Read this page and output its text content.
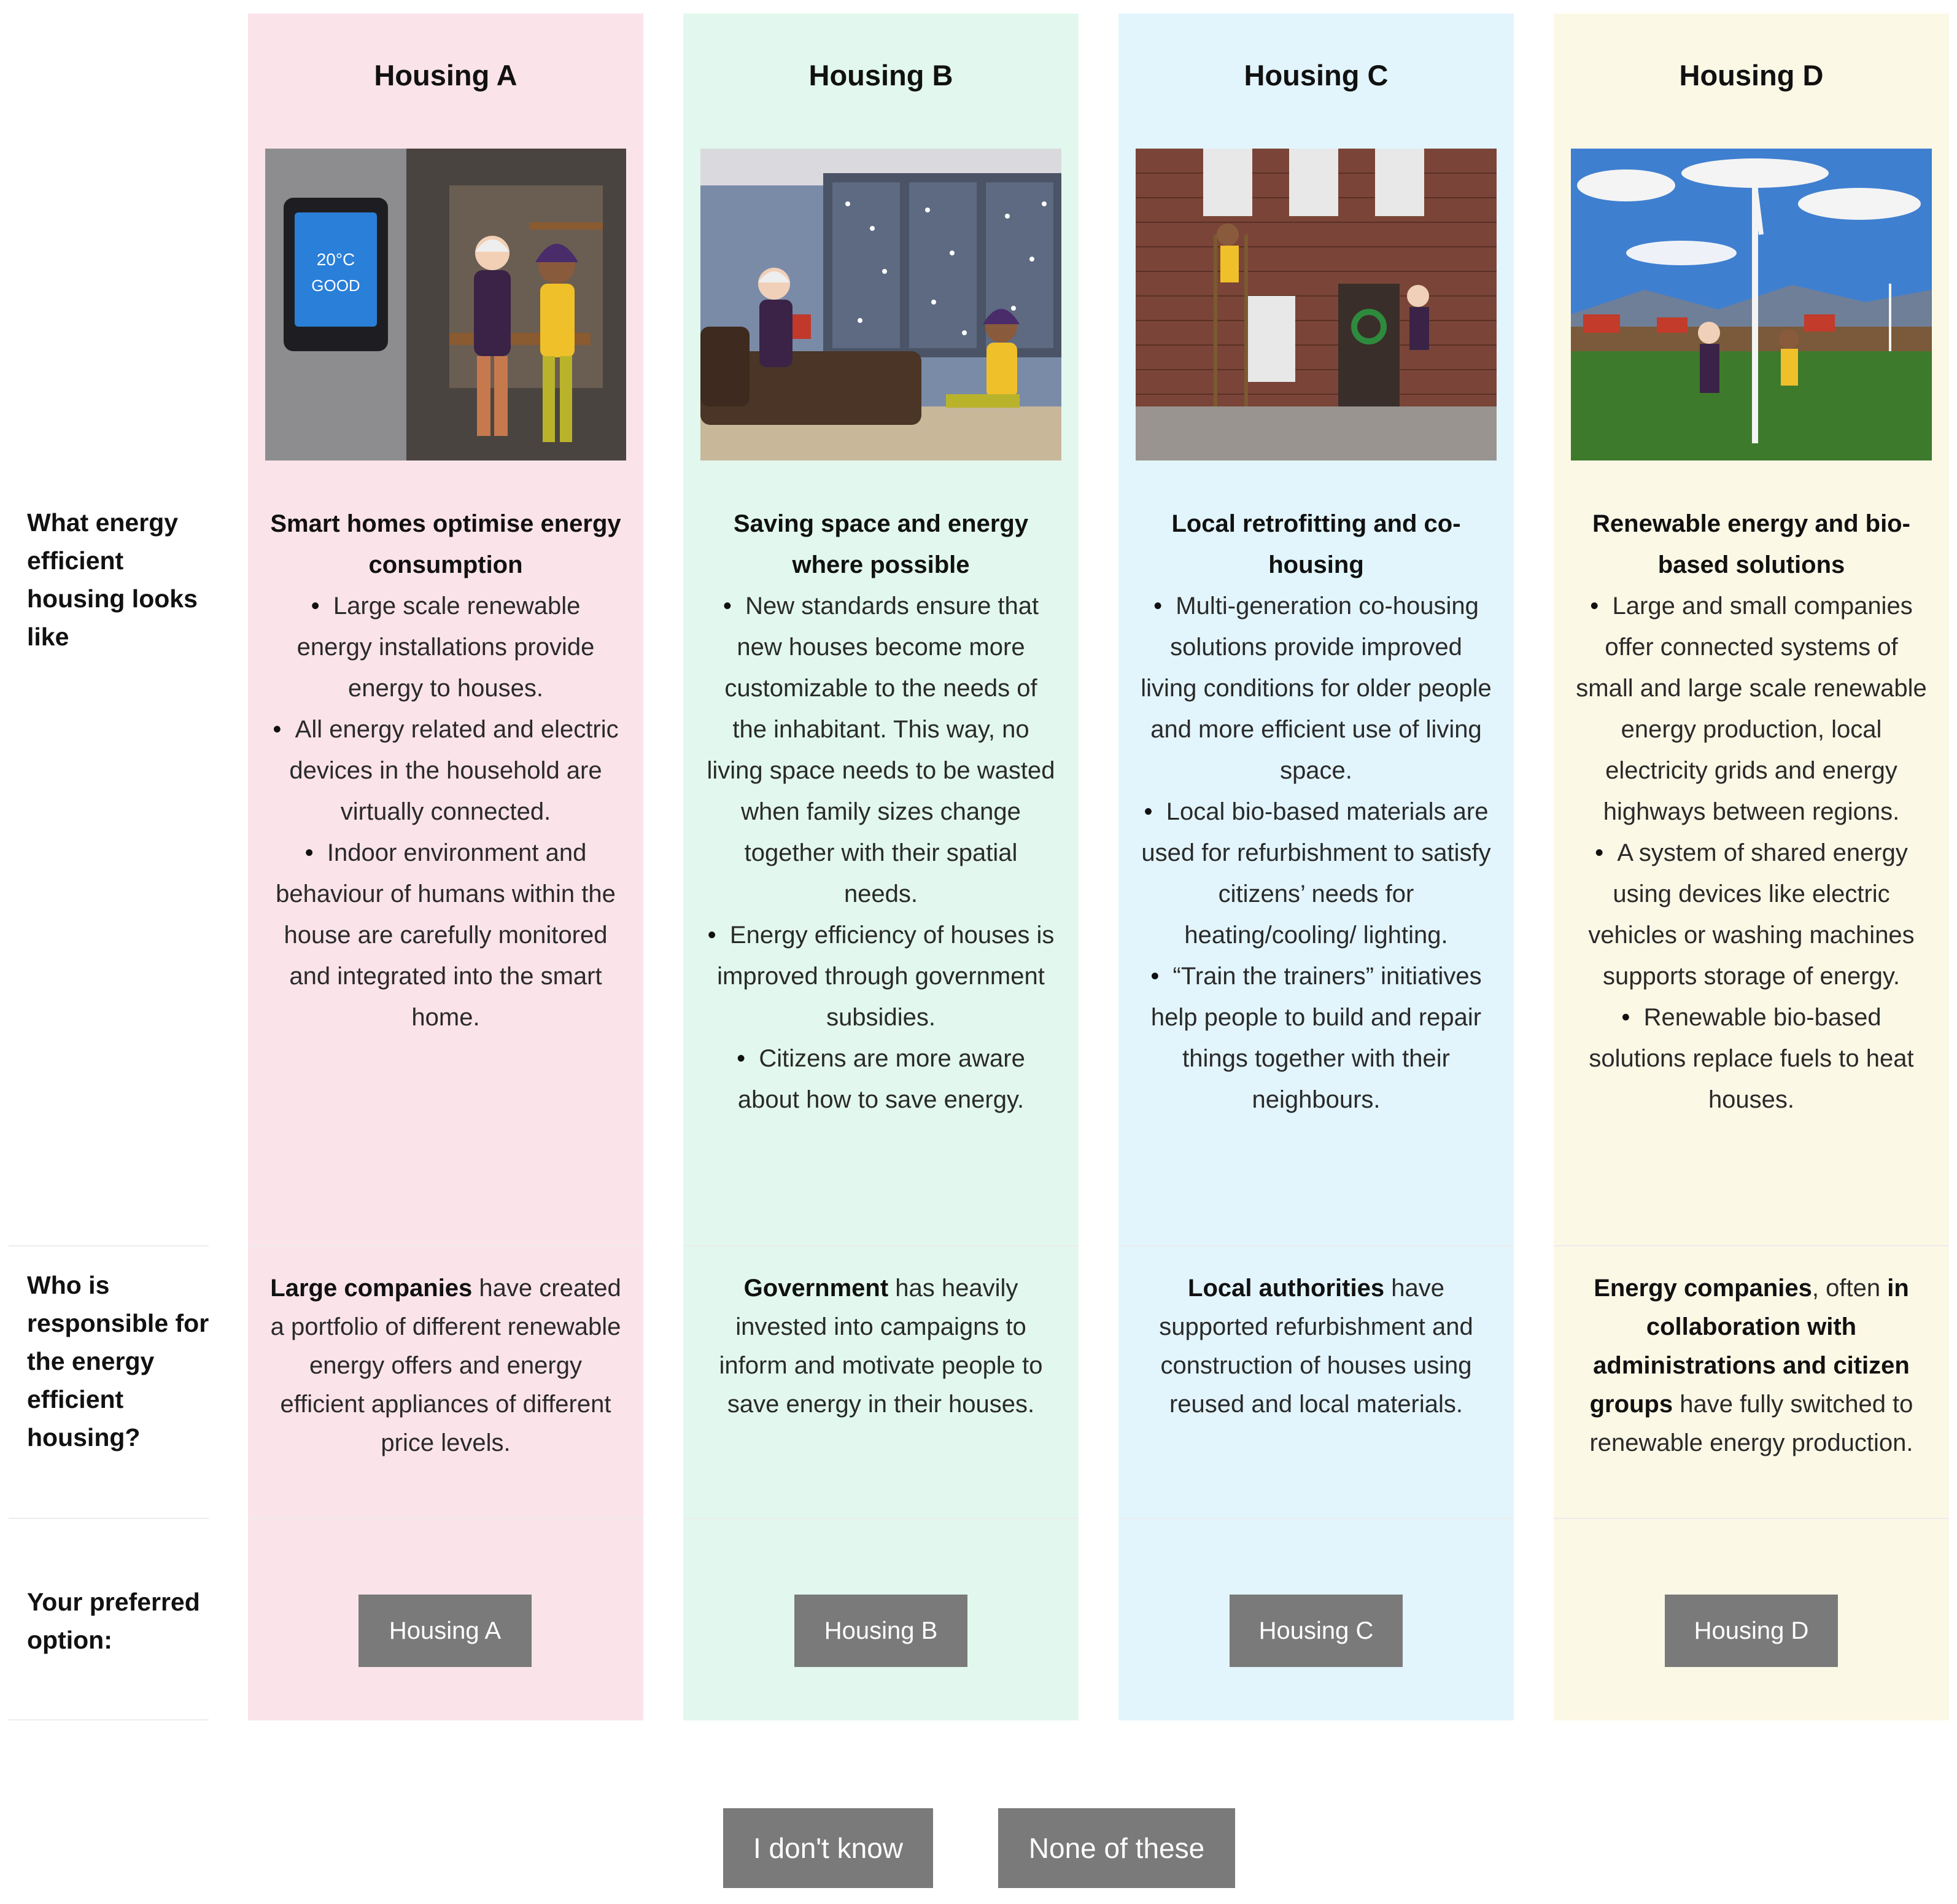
What energy efficient housing looks like
Who is responsible for the energy efficient housing?
Your preferred option:
Housing A
20°C
GOOD
Smart homes optimise energy consumption
•  Large scale renewable energy installations provide energy to houses.
•  All energy related and electric devices in the household are virtually connected.
•  Indoor environment and behaviour of humans within the house are carefully monitored and integrated into the smart home.
Large companies have created a portfolio of different renewable energy offers and energy efficient appliances of different price levels.
Housing A
Housing B
Saving space and energy where possible
•  New standards ensure that new houses become more customizable to the needs of the inhabitant. This way, no living space needs to be wasted when family sizes change together with their spatial needs.
•  Energy efficiency of houses is improved through government subsidies.
•  Citizens are more aware about how to save energy.
Government has heavily invested into campaigns to inform and motivate people to save energy in their houses.
Housing B
Housing C
Local retrofitting and co-housing
•  Multi-generation co-housing solutions provide improved living conditions for older people and more efficient use of living space.
•  Local bio-based materials are used for refurbishment to satisfy citizens’ needs for heating/cooling/ lighting.
•  “Train the trainers” initiatives help people to build and repair things together with their neighbours.
Local authorities have supported refurbishment and construction of houses using reused and local materials.
Housing C
Housing D
Renewable energy and bio-based solutions
•  Large and small companies offer connected systems of small and large scale renewable energy production, local electricity grids and energy highways between regions.
•  A system of shared energy using devices like electric vehicles or washing machines supports storage of energy.
•  Renewable bio-based solutions replace fuels to heat houses.
Energy companies, often in collaboration with administrations and citizen groups have fully switched to renewable energy production.
Housing D
I don't know	None of these
